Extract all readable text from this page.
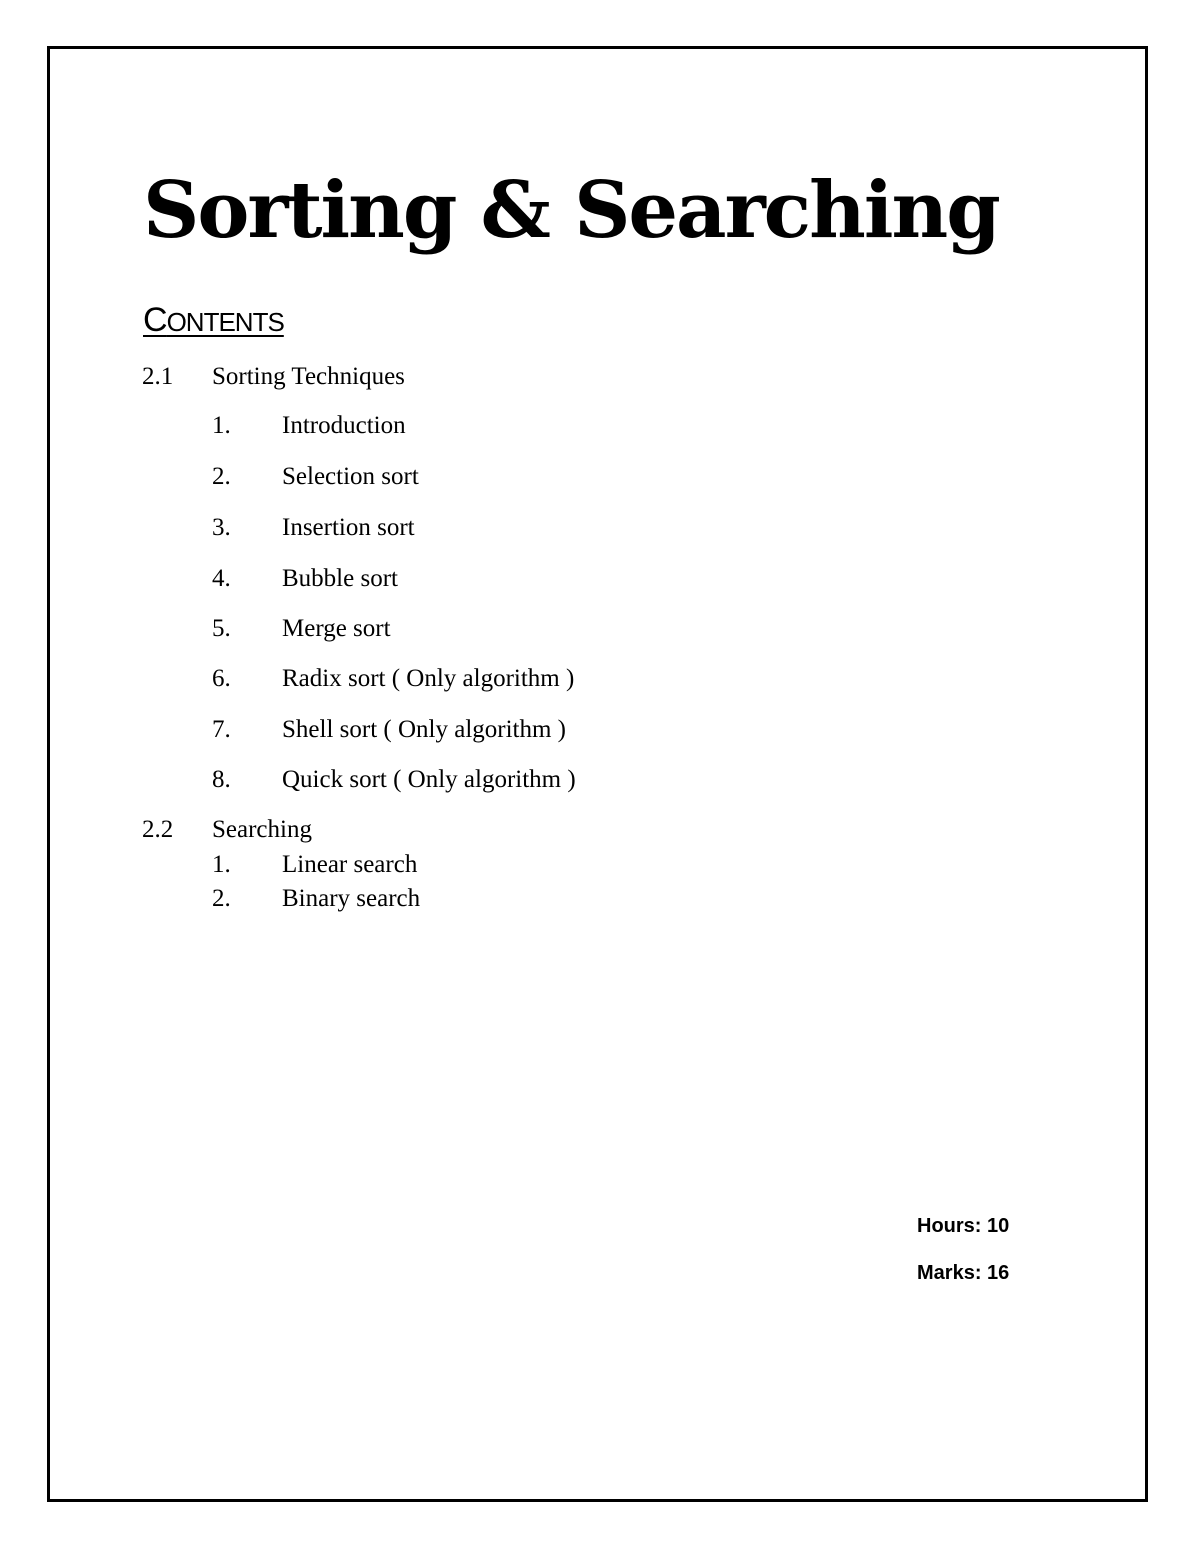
Sorting & Searching
CONTENTS
2.1 Sorting Techniques
1. Introduction
2. Selection sort
3. Insertion sort
4. Bubble sort
5. Merge sort
6. Radix sort ( Only algorithm )
7. Shell sort ( Only algorithm )
8. Quick sort ( Only algorithm )
2.2 Searching
1. Linear search
2. Binary search
Hours: 10
Marks: 16
